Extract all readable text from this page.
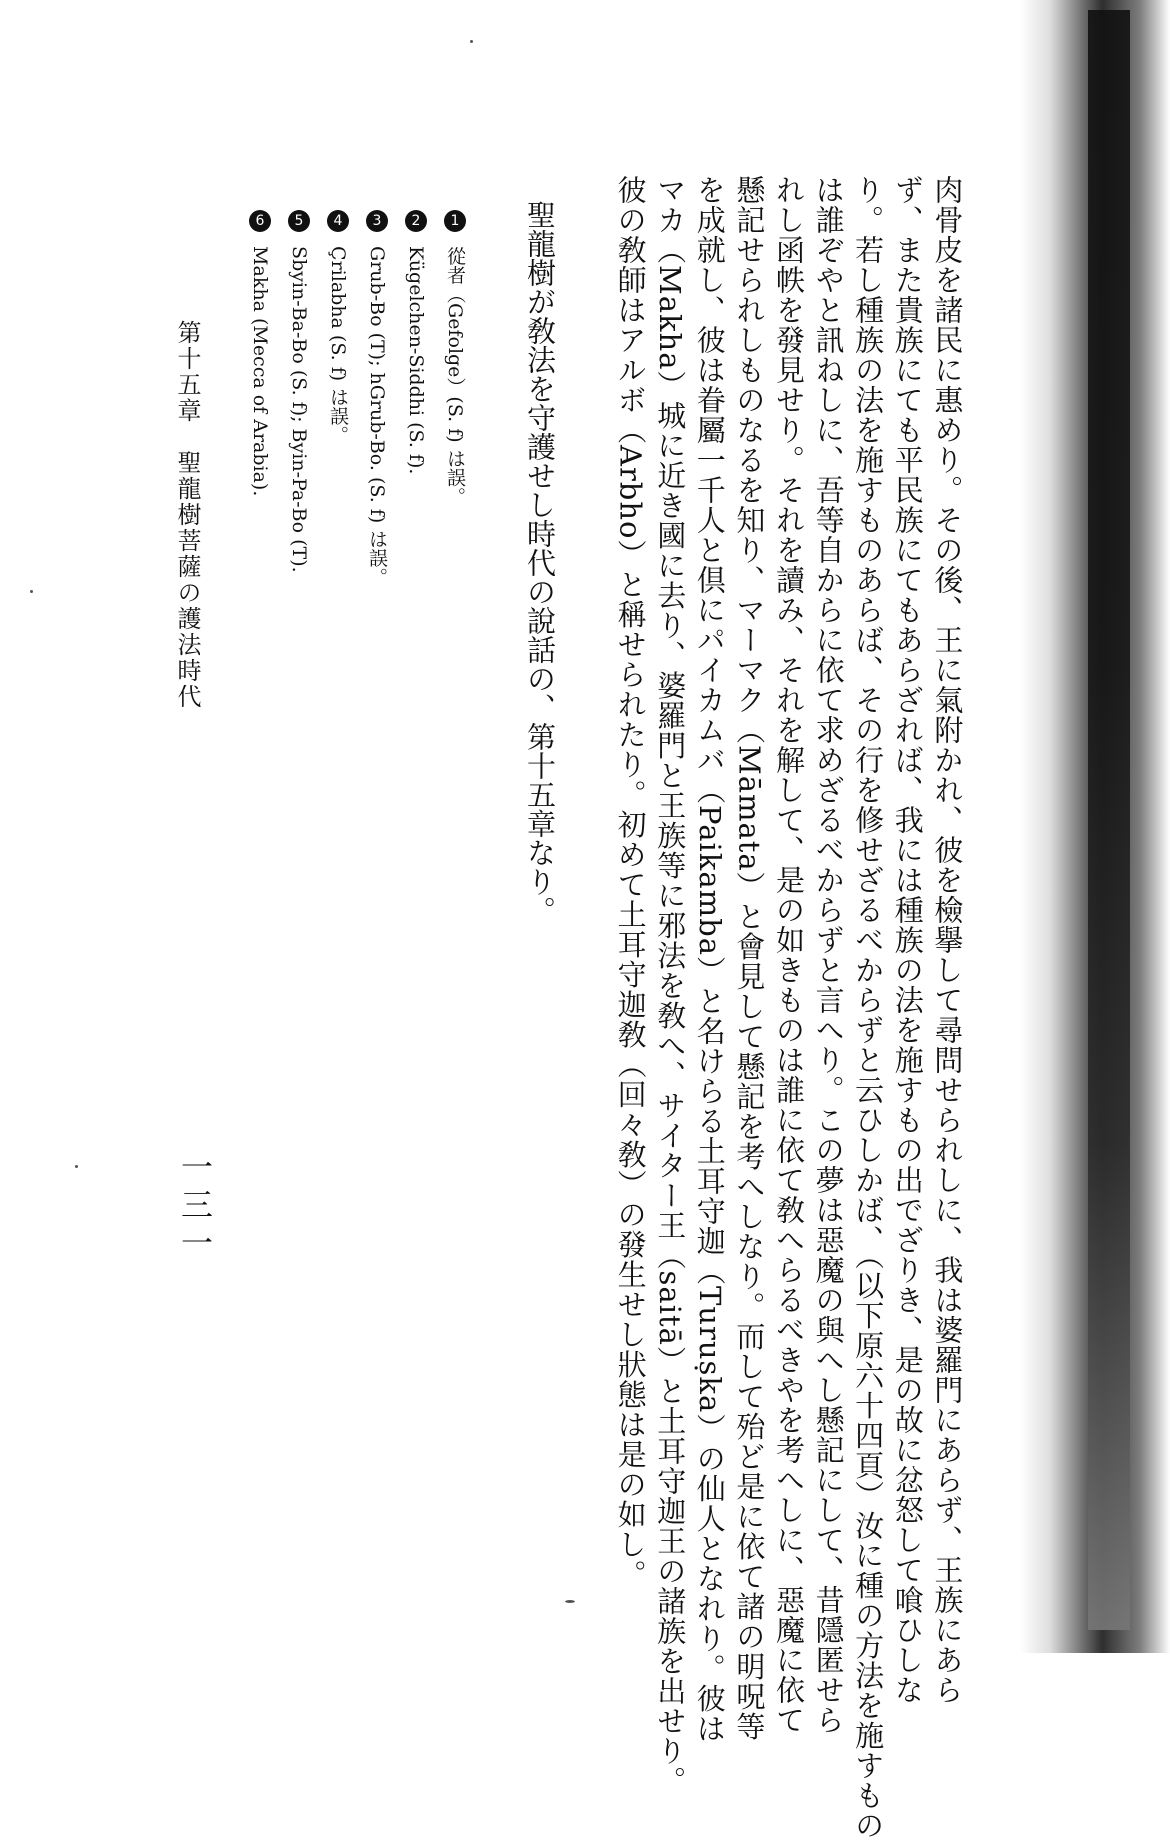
肉骨皮を諸民に惠めり。その後、王に氣附かれ、彼を檢擧して尋問せられしに、我は婆羅門にあらず、王族にあら
ず、また貴族にても平民族にてもあらざれば、我には種族の法を施すもの出でざりき、是の故に忿怒して喰ひしな
り。若し種族の法を施すものあらば、その行を修せざるべからずと云ひしかば、（以下原六十四頁）汝に種の方法を施すもの
は誰ぞやと訊ねしに、吾等自からに依て求めざるべからずと言へり。この夢は惡魔の與へし懸記にして、昔隱匿せら
れし函帙を發見せり。それを讀み、それを解して、是の如きものは誰に依て敎へらるべきやを考へしに、惡魔に依て
懸記せられしものなるを知り、マーマク（Māmata）と會見して懸記を考へしなり。而して殆ど是に依て諸の明呪等
を成就し、彼は眷屬一千人と倶にパイカムバ（Paikamba）と名けらる土耳守迦（Turuṣka）の仙人となれり。彼は
マカ（Makha）城に近き國に去り、婆羅門と王族等に邪法を敎へ、サイター王（saitā）と土耳守迦王の諸族を出せり。
彼の敎師はアルボ（Arbho）と稱せられたり。初めて土耳守迦敎（回々敎）の發生せし狀態は是の如し。
聖龍樹が敎法を守護せし時代の說話の、第十五章なり。
1 從者（Gefolge）(S. f) は誤。
2 Kügelchen-Siddhi (S. f).
3 Grub-Bo (T); hGrub-Bo. (S. f) は誤。
4 Çrilabha (S. f) は誤。
5 Sbyin-Ba-Bo (S. f); Byin-Pa-Bo (T).
6 Makha (Mecca of Arabia).
第十五章　聖龍樹菩薩の護法時代
一三一
